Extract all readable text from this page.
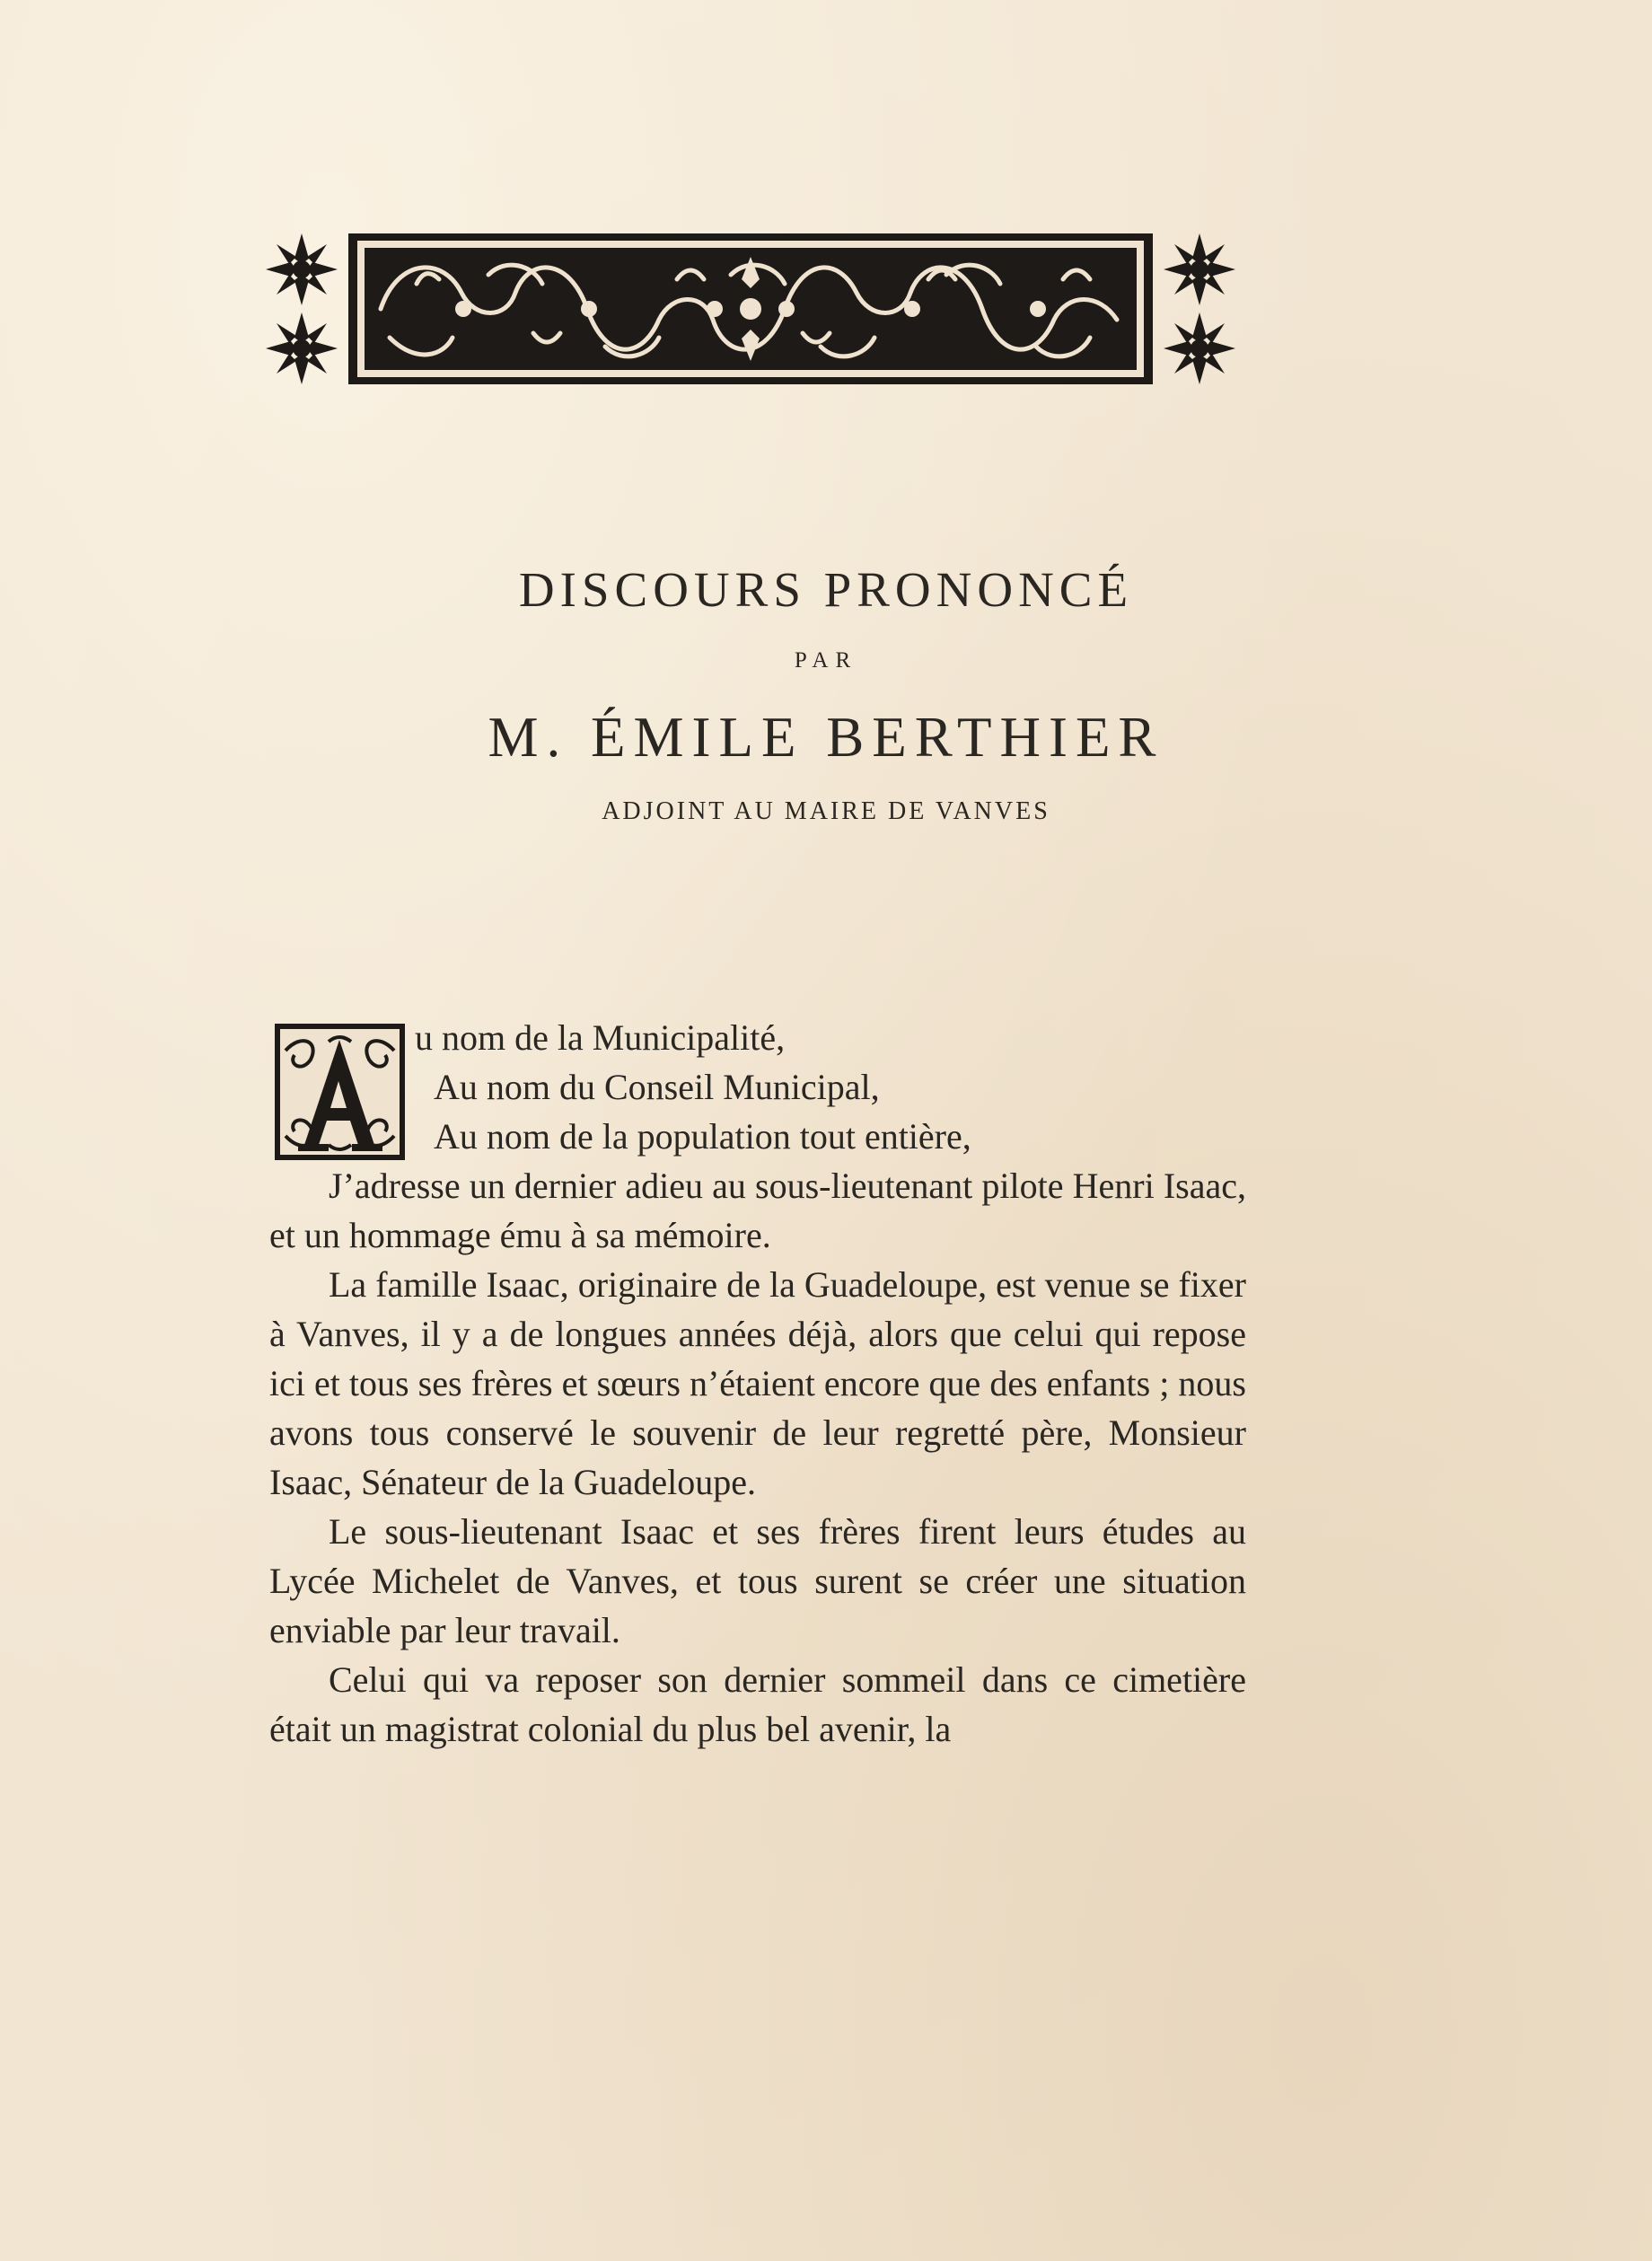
DISCOURS PRONONCÉ
PAR
M. ÉMILE BERTHIER
ADJOINT AU MAIRE DE VANVES
u nom de la Municipalité,
Au nom du Conseil Municipal,
Au nom de la population tout entière,

J’adresse un dernier adieu au sous-lieutenant pilote Henri Isaac, et un hommage ému à sa mémoire.

La famille Isaac, originaire de la Guadeloupe, est venue se fixer à Vanves, il y a de longues années déjà, alors que celui qui repose ici et tous ses frères et sœurs n’étaient encore que des enfants ; nous avons tous conservé le souvenir de leur regretté père, Monsieur Isaac, Sénateur de la Guadeloupe.

Le sous-lieutenant Isaac et ses frères firent leurs études au Lycée Michelet de Vanves, et tous surent se créer une situation enviable par leur travail.

Celui qui va reposer son dernier sommeil dans ce cimetière était un magistrat colonial du plus bel avenir, la
